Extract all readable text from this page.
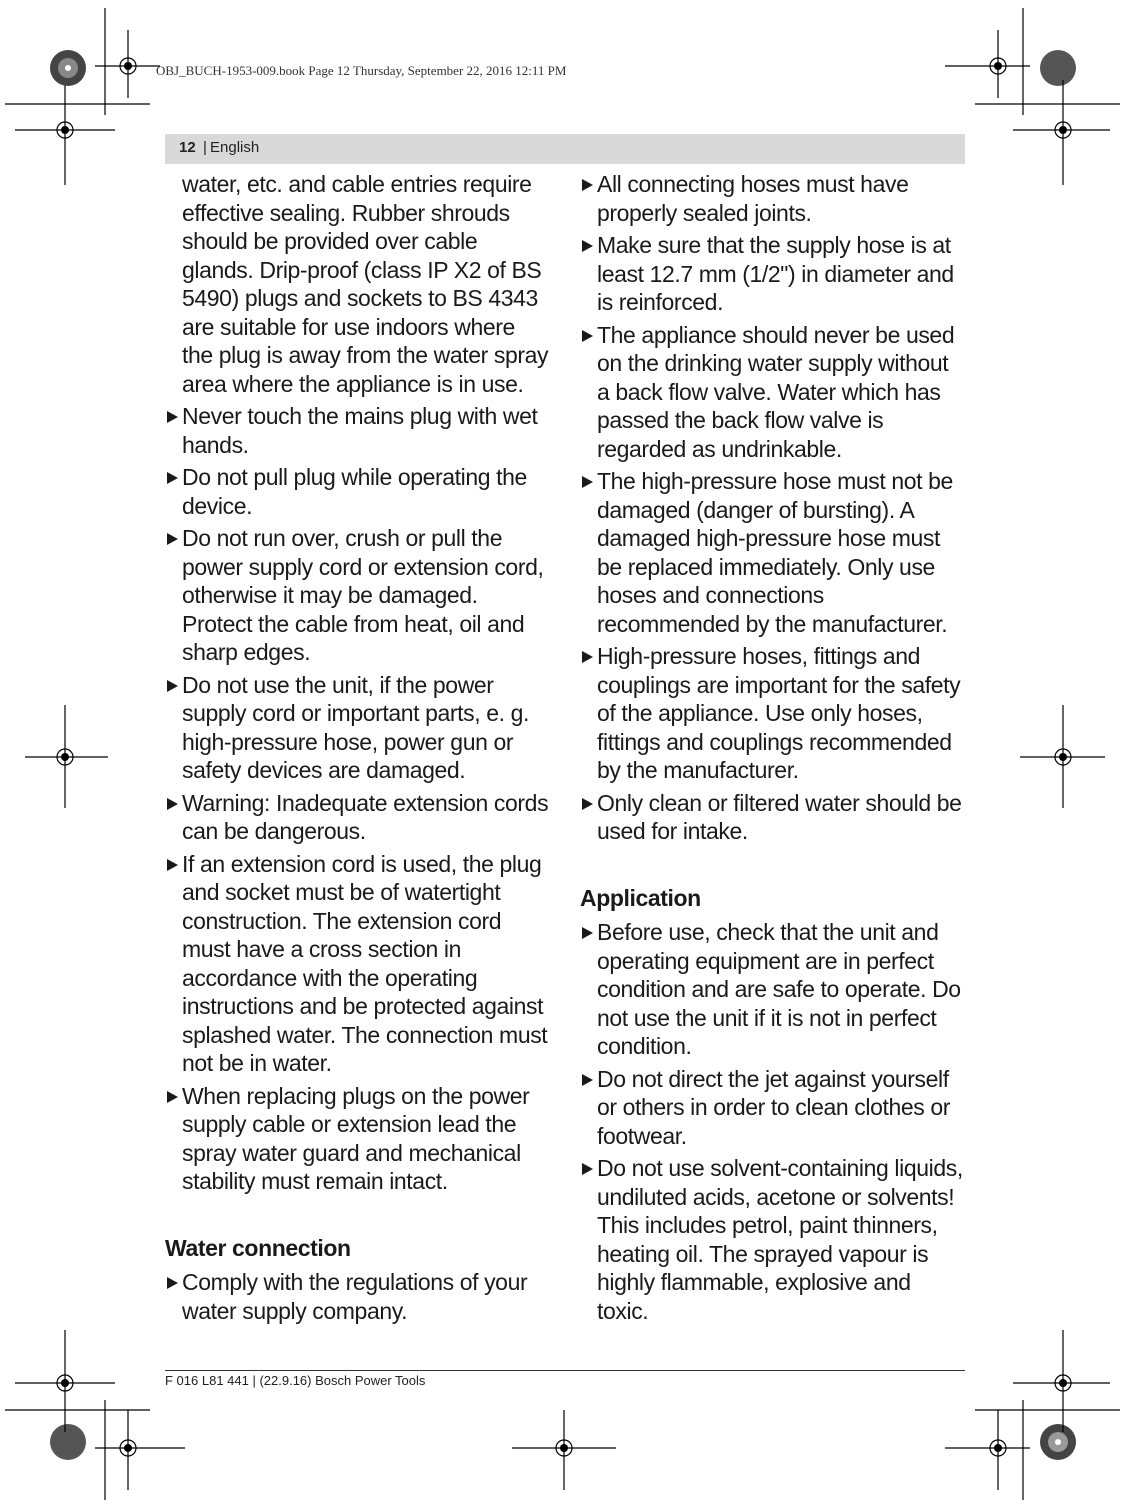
OBJ_BUCH-1953-009.book Page 12 Thursday, September 22, 2016 12:11 PM
12 | English

water, etc. and cable entries require effective sealing. Rubber shrouds should be provided over cable glands. Drip-proof (class IP X2 of BS 5490) plugs and sockets to BS 4343 are suitable for use indoors where the plug is away from the water spray area where the appliance is in use.

Never touch the mains plug with wet hands.
Do not pull plug while operating the device.
Do not run over, crush or pull the power supply cord or extension cord, otherwise it may be damaged. Protect the cable from heat, oil and sharp edges.
Do not use the unit, if the power supply cord or important parts, e. g. high-pressure hose, power gun or safety devices are damaged.
Warning: Inadequate extension cords can be dangerous.
If an extension cord is used, the plug and socket must be of watertight construction. The extension cord must have a cross section in accordance with the operating instructions and be protected against splashed water. The connection must not be in water.
When replacing plugs on the power supply cable or extension lead the spray water guard and mechanical stability must remain intact.
Water connection
Comply with the regulations of your water supply company.
All connecting hoses must have properly sealed joints.
Make sure that the supply hose is at least 12.7 mm (1/2") in diameter and is reinforced.
The appliance should never be used on the drinking water supply without a back flow valve. Water which has passed the back flow valve is regarded as undrinkable.
The high-pressure hose must not be damaged (danger of bursting). A damaged high-pressure hose must be replaced immediately. Only use hoses and connections recommended by the manufacturer.
High-pressure hoses, fittings and couplings are important for the safety of the appliance. Use only hoses, fittings and couplings recommended by the manufacturer.
Only clean or filtered water should be used for intake.
Application
Before use, check that the unit and operating equipment are in perfect condition and are safe to operate. Do not use the unit if it is not in perfect condition.
Do not direct the jet against yourself or others in order to clean clothes or footwear.
Do not use solvent-containing liquids, undiluted acids, acetone or solvents! This includes petrol, paint thinners, heating oil. The sprayed vapour is highly flammable, explosive and toxic.
F 016 L81 441 | (22.9.16) Bosch Power Tools
